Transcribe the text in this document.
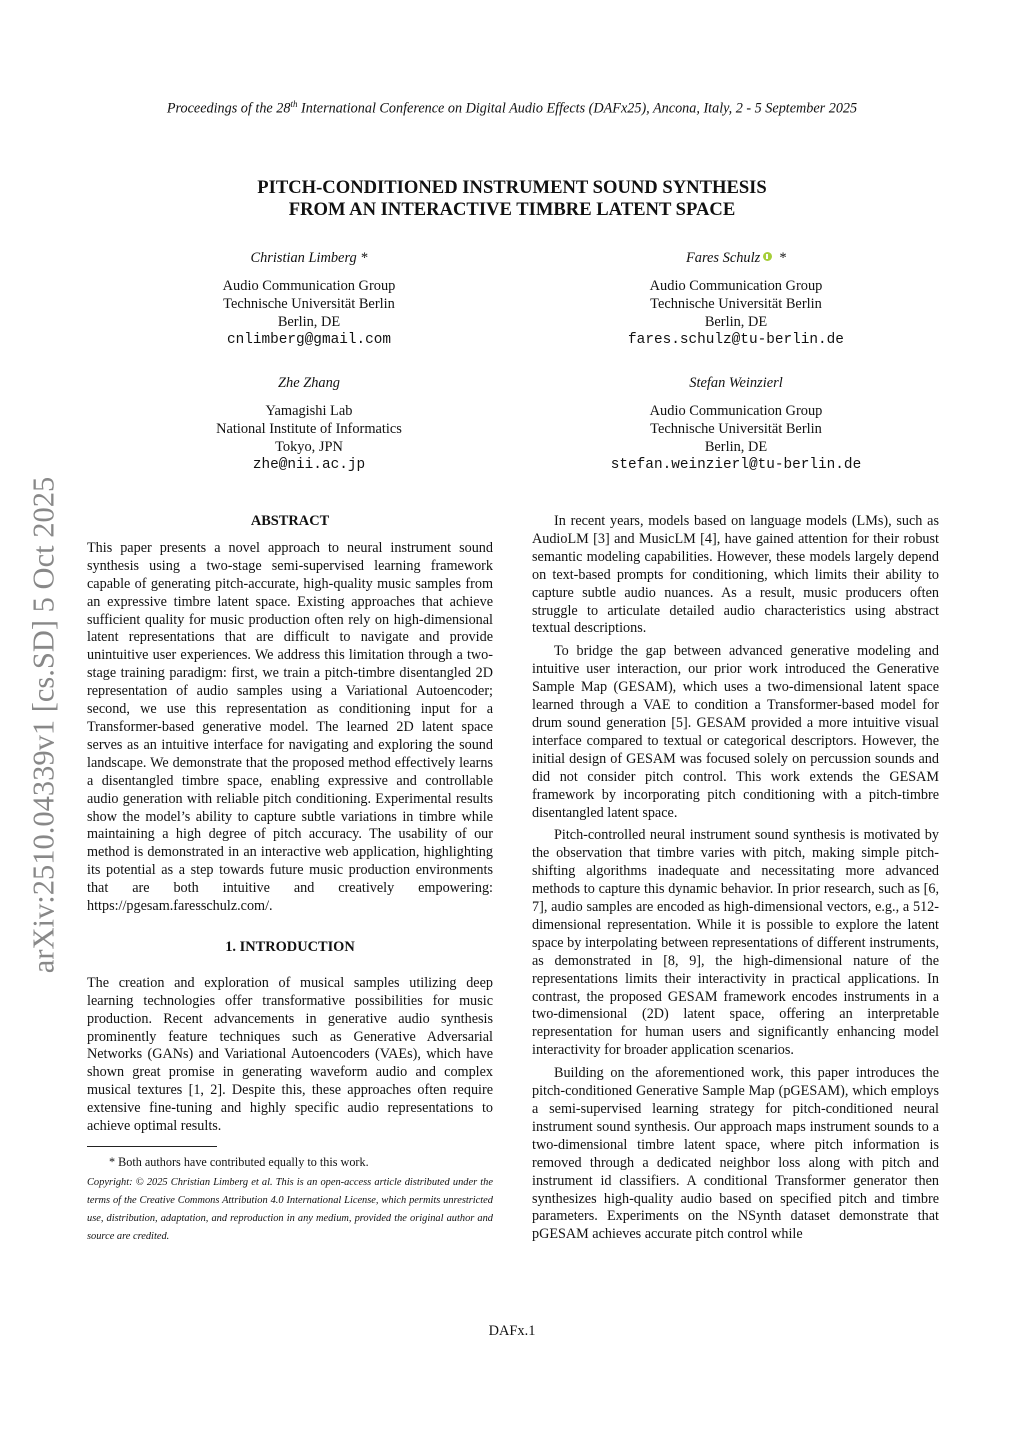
Proceedings of the 28th International Conference on Digital Audio Effects (DAFx25), Ancona, Italy, 2 - 5 September 2025
PITCH-CONDITIONED INSTRUMENT SOUND SYNTHESIS
FROM AN INTERACTIVE TIMBRE LATENT SPACE
Christian Limberg *
Audio Communication Group
Technische Universität Berlin
Berlin, DE
cnlimberg@gmail.com
Fares Schulz *
Audio Communication Group
Technische Universität Berlin
Berlin, DE
fares.schulz@tu-berlin.de
Zhe Zhang
Yamagishi Lab
National Institute of Informatics
Tokyo, JPN
zhe@nii.ac.jp
Stefan Weinzierl
Audio Communication Group
Technische Universität Berlin
Berlin, DE
stefan.weinzierl@tu-berlin.de
arXiv:2510.04339v1 [cs.SD] 5 Oct 2025	ABSTRACT

This paper presents a novel approach to neural instrument sound synthesis using a two-stage semi-supervised learning framework capable of generating pitch-accurate, high-quality music samples from an expressive timbre latent space. Existing approaches that achieve sufficient quality for music production often rely on high-dimensional latent representations that are difficult to navigate and provide unintuitive user experiences. We address this limitation through a two-stage training paradigm: first, we train a pitch-timbre disentangled 2D representation of audio samples using a Variational Autoencoder; second, we use this representation as conditioning input for a Transformer-based generative model. The learned 2D latent space serves as an intuitive interface for navigating and exploring the sound landscape. We demonstrate that the proposed method effectively learns a disentangled timbre space, enabling expressive and controllable audio generation with reliable pitch conditioning. Experimental results show the model’s ability to capture subtle variations in timbre while maintaining a high degree of pitch accuracy. The usability of our method is demonstrated in an interactive web application, highlighting its potential as a step towards future music production environments that are both intuitive and creatively empowering: https://pgesam.faresschulz.com/.

1. INTRODUCTION

The creation and exploration of musical samples utilizing deep learning technologies offer transformative possibilities for music production. Recent advancements in generative audio synthesis prominently feature techniques such as Generative Adversarial Networks (GANs) and Variational Autoencoders (VAEs), which have shown great promise in generating waveform audio and complex musical textures [1, 2]. Despite this, these approaches often require extensive fine-tuning and highly specific audio representations to achieve optimal results.

* Both authors have contributed equally to this work.
Copyright: © 2025 Christian Limberg et al. This is an open-access article distributed under the terms of the Creative Commons Attribution 4.0 International License, which permits unrestricted use, distribution, adaptation, and reproduction in any medium, provided the original author and source are credited.

In recent years, models based on language models (LMs), such as AudioLM [3] and MusicLM [4], have gained attention for their robust semantic modeling capabilities. However, these models largely depend on text-based prompts for conditioning, which limits their ability to capture subtle audio nuances. As a result, music producers often struggle to articulate detailed audio characteristics using abstract textual descriptions.

To bridge the gap between advanced generative modeling and intuitive user interaction, our prior work introduced the Generative Sample Map (GESAM), which uses a two-dimensional latent space learned through a VAE to condition a Transformer-based model for drum sound generation [5]. GESAM provided a more intuitive visual interface compared to textual or categorical descriptors. However, the initial design of GESAM was focused solely on percussion sounds and did not consider pitch control. This work extends the GESAM framework by incorporating pitch conditioning with a pitch-timbre disentangled latent space.

Pitch-controlled neural instrument sound synthesis is motivated by the observation that timbre varies with pitch, making simple pitch-shifting algorithms inadequate and necessitating more advanced methods to capture this dynamic behavior. In prior research, such as [6, 7], audio samples are encoded as high-dimensional vectors, e.g., a 512-dimensional representation. While it is possible to explore the latent space by interpolating between representations of different instruments, as demonstrated in [8, 9], the high-dimensional nature of the representations limits their interactivity in practical applications. In contrast, the proposed GESAM framework encodes instruments in a two-dimensional (2D) latent space, offering an interpretable representation for human users and significantly enhancing model interactivity for broader application scenarios.

Building on the aforementioned work, this paper introduces the pitch-conditioned Generative Sample Map (pGESAM), which employs a semi-supervised learning strategy for pitch-conditioned neural instrument sound synthesis. Our approach maps instrument sounds to a two-dimensional timbre latent space, where pitch information is removed through a dedicated neighbor loss along with pitch and instrument id classifiers. A conditional Transformer generator then synthesizes high-quality audio based on specified pitch and timbre parameters. Experiments on the NSynth dataset demonstrate that pGESAM achieves accurate pitch control while

DAFx.1
